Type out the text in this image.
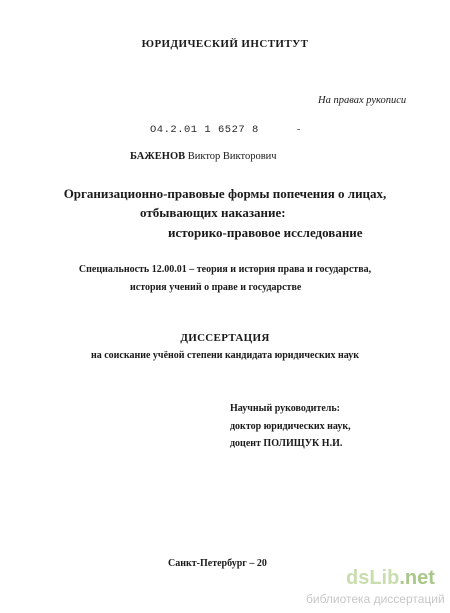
ЮРИДИЧЕСКИЙ ИНСТИТУТ
На правах рукописи
О4.2.01 1 6527 8	-
БАЖЕНОВ Виктор Викторович
Организационно-правовые формы попечения о лицах,
отбывающих наказание:
историко-правовое исследование
Специальность 12.00.01 – теория и история права и государства,
история учений о праве и государстве
ДИССЕРТАЦИЯ
на соискание учёной степени кандидата юридических наук
Научный руководитель:
доктор юридических наук,
доцент ПОЛИЩУК Н.И.
Санкт-Петербург – 20
dsLib.net
библиотека диссертаций
